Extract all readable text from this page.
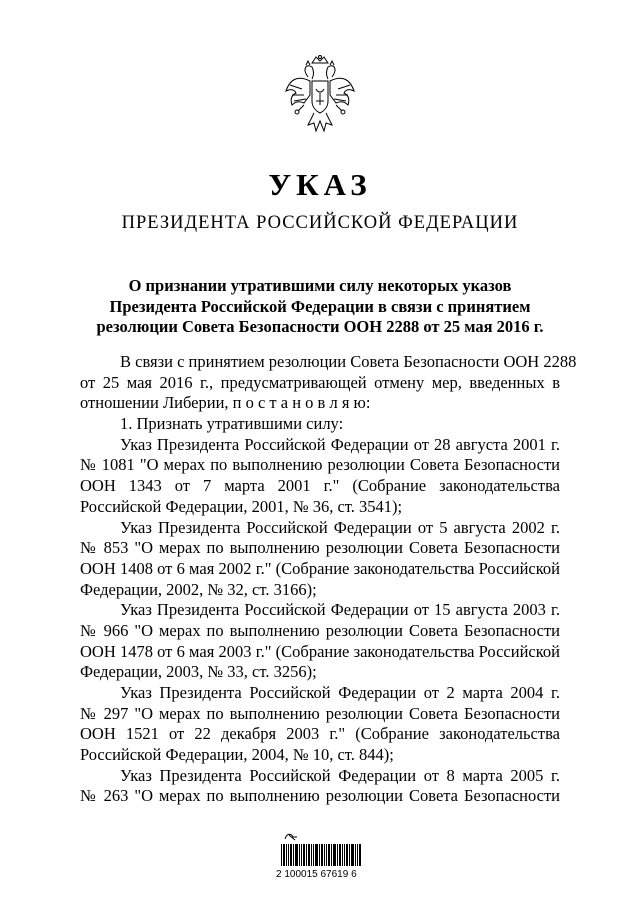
УКАЗ
ПРЕЗИДЕНТА РОССИЙСКОЙ ФЕДЕРАЦИИ
О признании утратившими силу некоторых указов
Президента Российской Федерации в связи с принятием
резолюции Совета Безопасности ООН 2288 от 25 мая 2016 г.
В связи с принятием резолюции Совета Безопасности ООН 2288
от 25 мая 2016 г., предусматривающей отмену мер, введенных в
отношении Либерии, п о с т а н о в л я ю:
1. Признать утратившими силу:
Указ Президента Российской Федерации от 28 августа 2001 г.
№ 1081 "О мерах по выполнению резолюции Совета Безопасности
ООН 1343 от 7 марта 2001 г." (Собрание законодательства
Российской Федерации, 2001, № 36, ст. 3541);
Указ Президента Российской Федерации от 5 августа 2002 г.
№ 853 "О мерах по выполнению резолюции Совета Безопасности
ООН 1408 от 6 мая 2002 г." (Собрание законодательства Российской
Федерации, 2002, № 32, ст. 3166);
Указ Президента Российской Федерации от 15 августа 2003 г.
№ 966 "О мерах по выполнению резолюции Совета Безопасности
ООН 1478 от 6 мая 2003 г." (Собрание законодательства Российской
Федерации, 2003, № 33, ст. 3256);
Указ Президента Российской Федерации от 2 марта 2004 г.
№ 297 "О мерах по выполнению резолюции Совета Безопасности
ООН 1521 от 22 декабря 2003 г." (Собрание законодательства
Российской Федерации, 2004, № 10, ст. 844);
Указ Президента Российской Федерации от 8 марта 2005 г.
№ 263 "О мерах по выполнению резолюции Совета Безопасности
2 100015 67619 6
